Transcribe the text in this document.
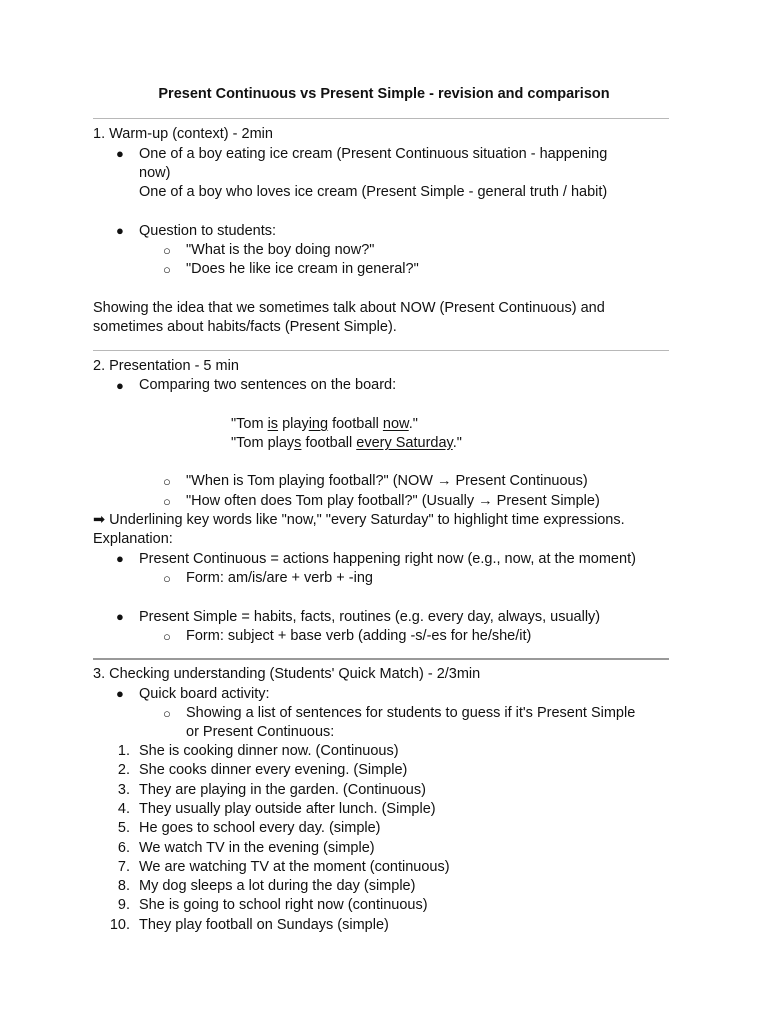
Present Continuous vs Present Simple - revision and comparison
1. Warm-up (context) - 2min
● One of a boy eating ice cream (Present Continuous situation - happening
now)
One of a boy who loves ice cream (Present Simple - general truth / habit)
● Question to students:
○ "What is the boy doing now?"
○ "Does he like ice cream in general?"
Showing the idea that we sometimes talk about NOW (Present Continuous) and
sometimes about habits/facts (Present Simple).
2. Presentation - 5 min
● Comparing two sentences on the board:
"Tom is playing football now."
"Tom plays football every Saturday."
○ "When is Tom playing football?" (NOW → Present Continuous)
○ "How often does Tom play football?" (Usually → Present Simple)
➡ Underlining key words like "now," "every Saturday" to highlight time expressions.
Explanation:
● Present Continuous = actions happening right now (e.g., now, at the moment)
○ Form: am/is/are + verb + -ing
● Present Simple = habits, facts, routines (e.g. every day, always, usually)
○ Form: subject + base verb (adding -s/-es for he/she/it)
3. Checking understanding (Students' Quick Match) - 2/3min
● Quick board activity:
○ Showing a list of sentences for students to guess if it's Present Simple
or Present Continuous:
1. She is cooking dinner now. (Continuous)
2. She cooks dinner every evening. (Simple)
3. They are playing in the garden. (Continuous)
4. They usually play outside after lunch. (Simple)
5. He goes to school every day. (simple)
6. We watch TV in the evening (simple)
7. We are watching TV at the moment (continuous)
8. My dog sleeps a lot during the day (simple)
9. She is going to school right now (continuous)
10. They play football on Sundays (simple)
